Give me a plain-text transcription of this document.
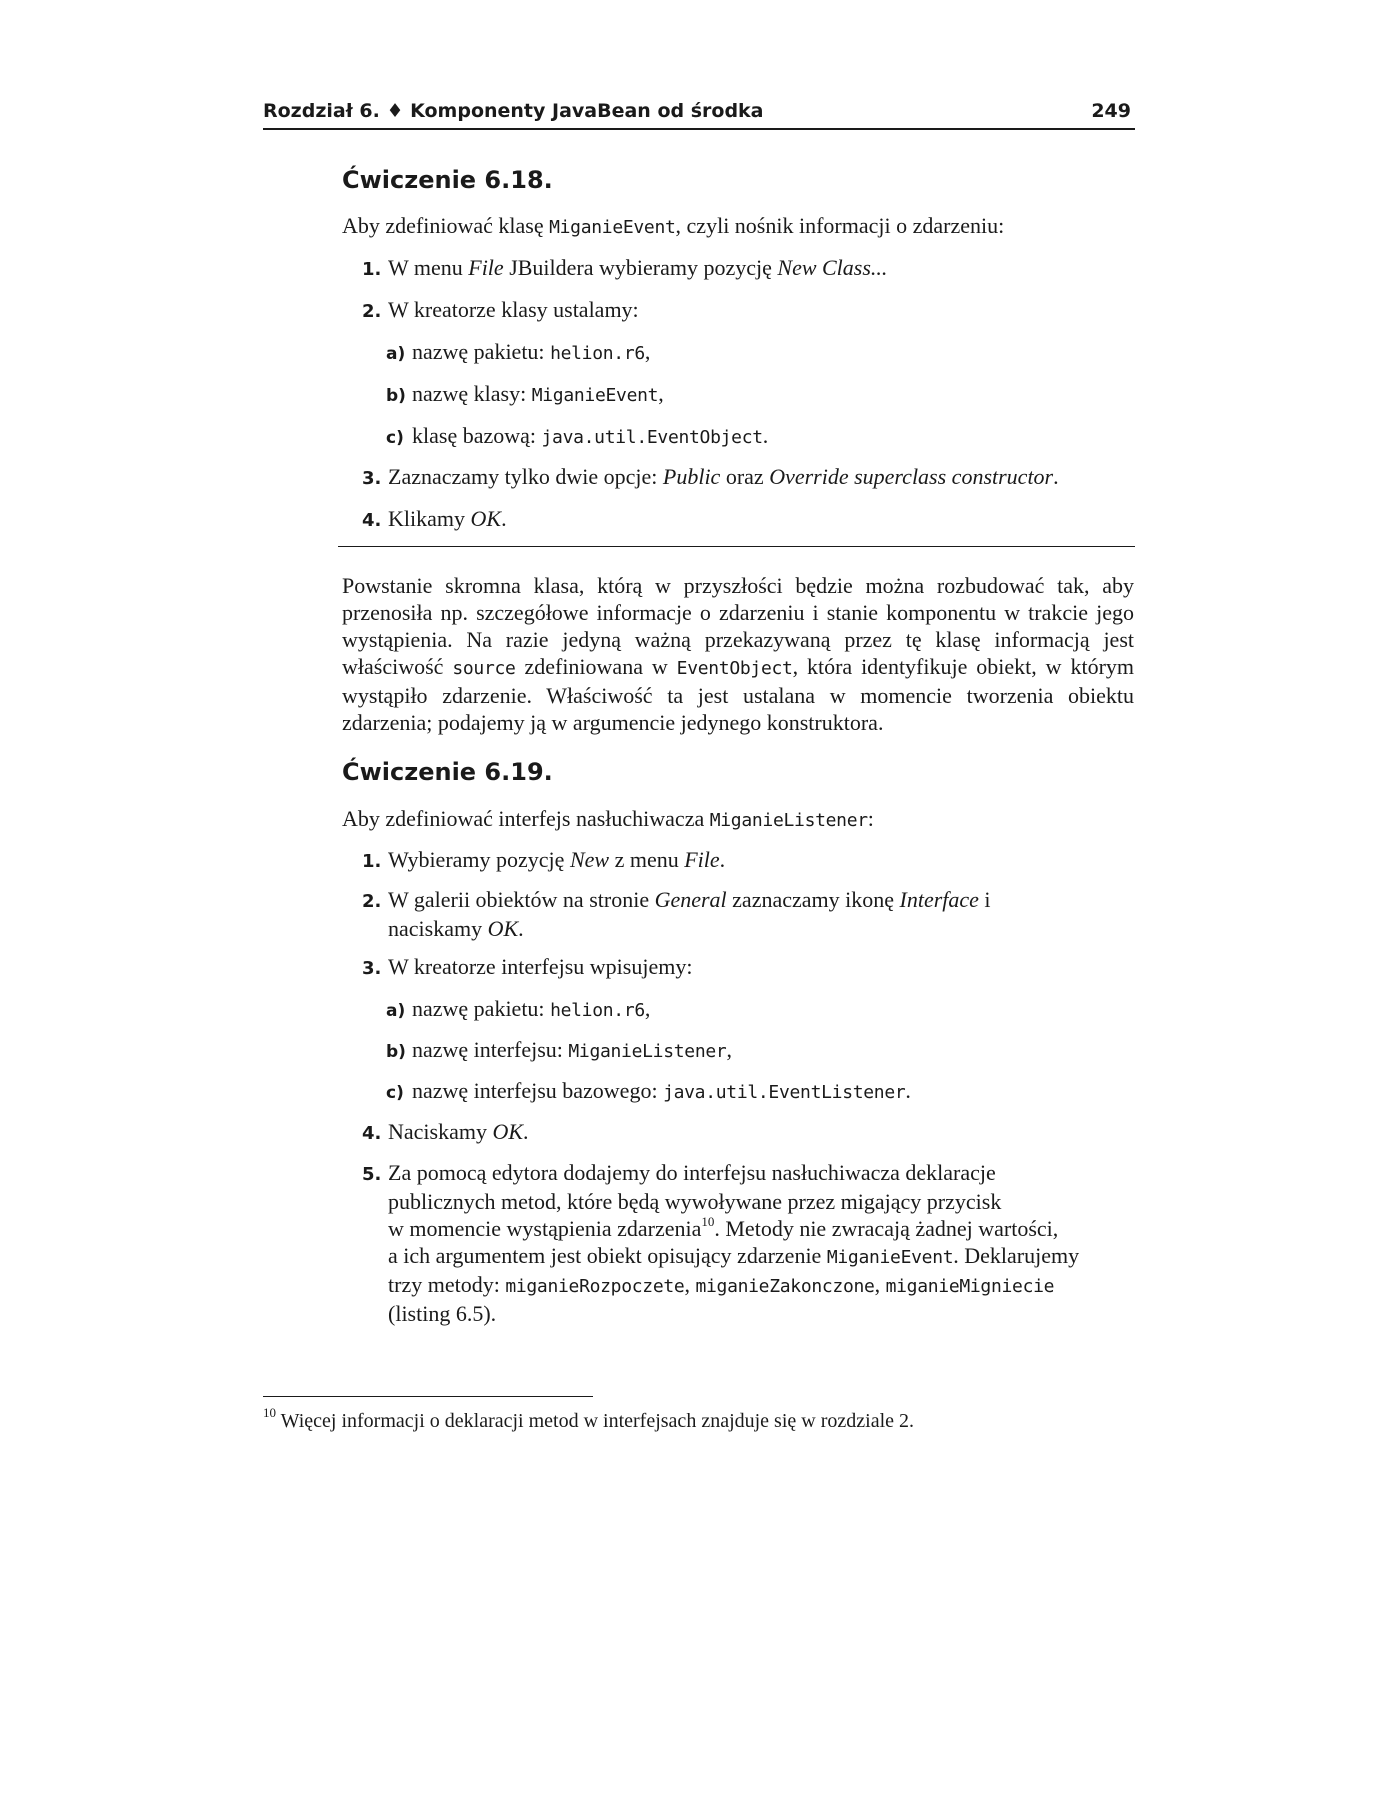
Rozdział 6. ♦ Komponenty JavaBean od środka	249
Ćwiczenie 6.18.
Aby zdefiniować klasę MiganieEvent, czyli nośnik informacji o zdarzeniu:
1. W menu File JBuildera wybieramy pozycję New Class...
2. W kreatorze klasy ustalamy:
a) nazwę pakietu: helion.r6,
b) nazwę klasy: MiganieEvent,
c) klasę bazową: java.util.EventObject.
3. Zaznaczamy tylko dwie opcje: Public oraz Override superclass constructor.
4. Klikamy OK.
Powstanie skromna klasa, którą w przyszłości będzie można rozbudować tak, aby przenosiła np. szczegółowe informacje o zdarzeniu i stanie komponentu w trakcie jego wystąpienia. Na razie jedyną ważną przekazywaną przez tę klasę informacją jest właściwość source zdefiniowana w EventObject, która identyfikuje obiekt, w którym wystąpiło zdarzenie. Właściwość ta jest ustalana w momencie tworzenia obiektu zdarzenia; podajemy ją w argumencie jedynego konstruktora.
Ćwiczenie 6.19.
Aby zdefiniować interfejs nasłuchiwacza MiganieListener:
1. Wybieramy pozycję New z menu File.
2. W galerii obiektów na stronie General zaznaczamy ikonę Interface i
naciskamy OK.
3. W kreatorze interfejsu wpisujemy:
a) nazwę pakietu: helion.r6,
b) nazwę interfejsu: MiganieListener,
c) nazwę interfejsu bazowego: java.util.EventListener.
4. Naciskamy OK.
5. Za pomocą edytora dodajemy do interfejsu nasłuchiwacza deklaracje
publicznych metod, które będą wywoływane przez migający przycisk
w momencie wystąpienia zdarzenia$^{10}$. Metody nie zwracają żadnej wartości,
a ich argumentem jest obiekt opisujący zdarzenie MiganieEvent. Deklarujemy
trzy metody: miganieRozpoczete, miganieZakonczone, miganieMigniecie
(listing 6.5).
$^{10}$ Więcej informacji o deklaracji metod w interfejsach znajduje się w rozdziale 2.
